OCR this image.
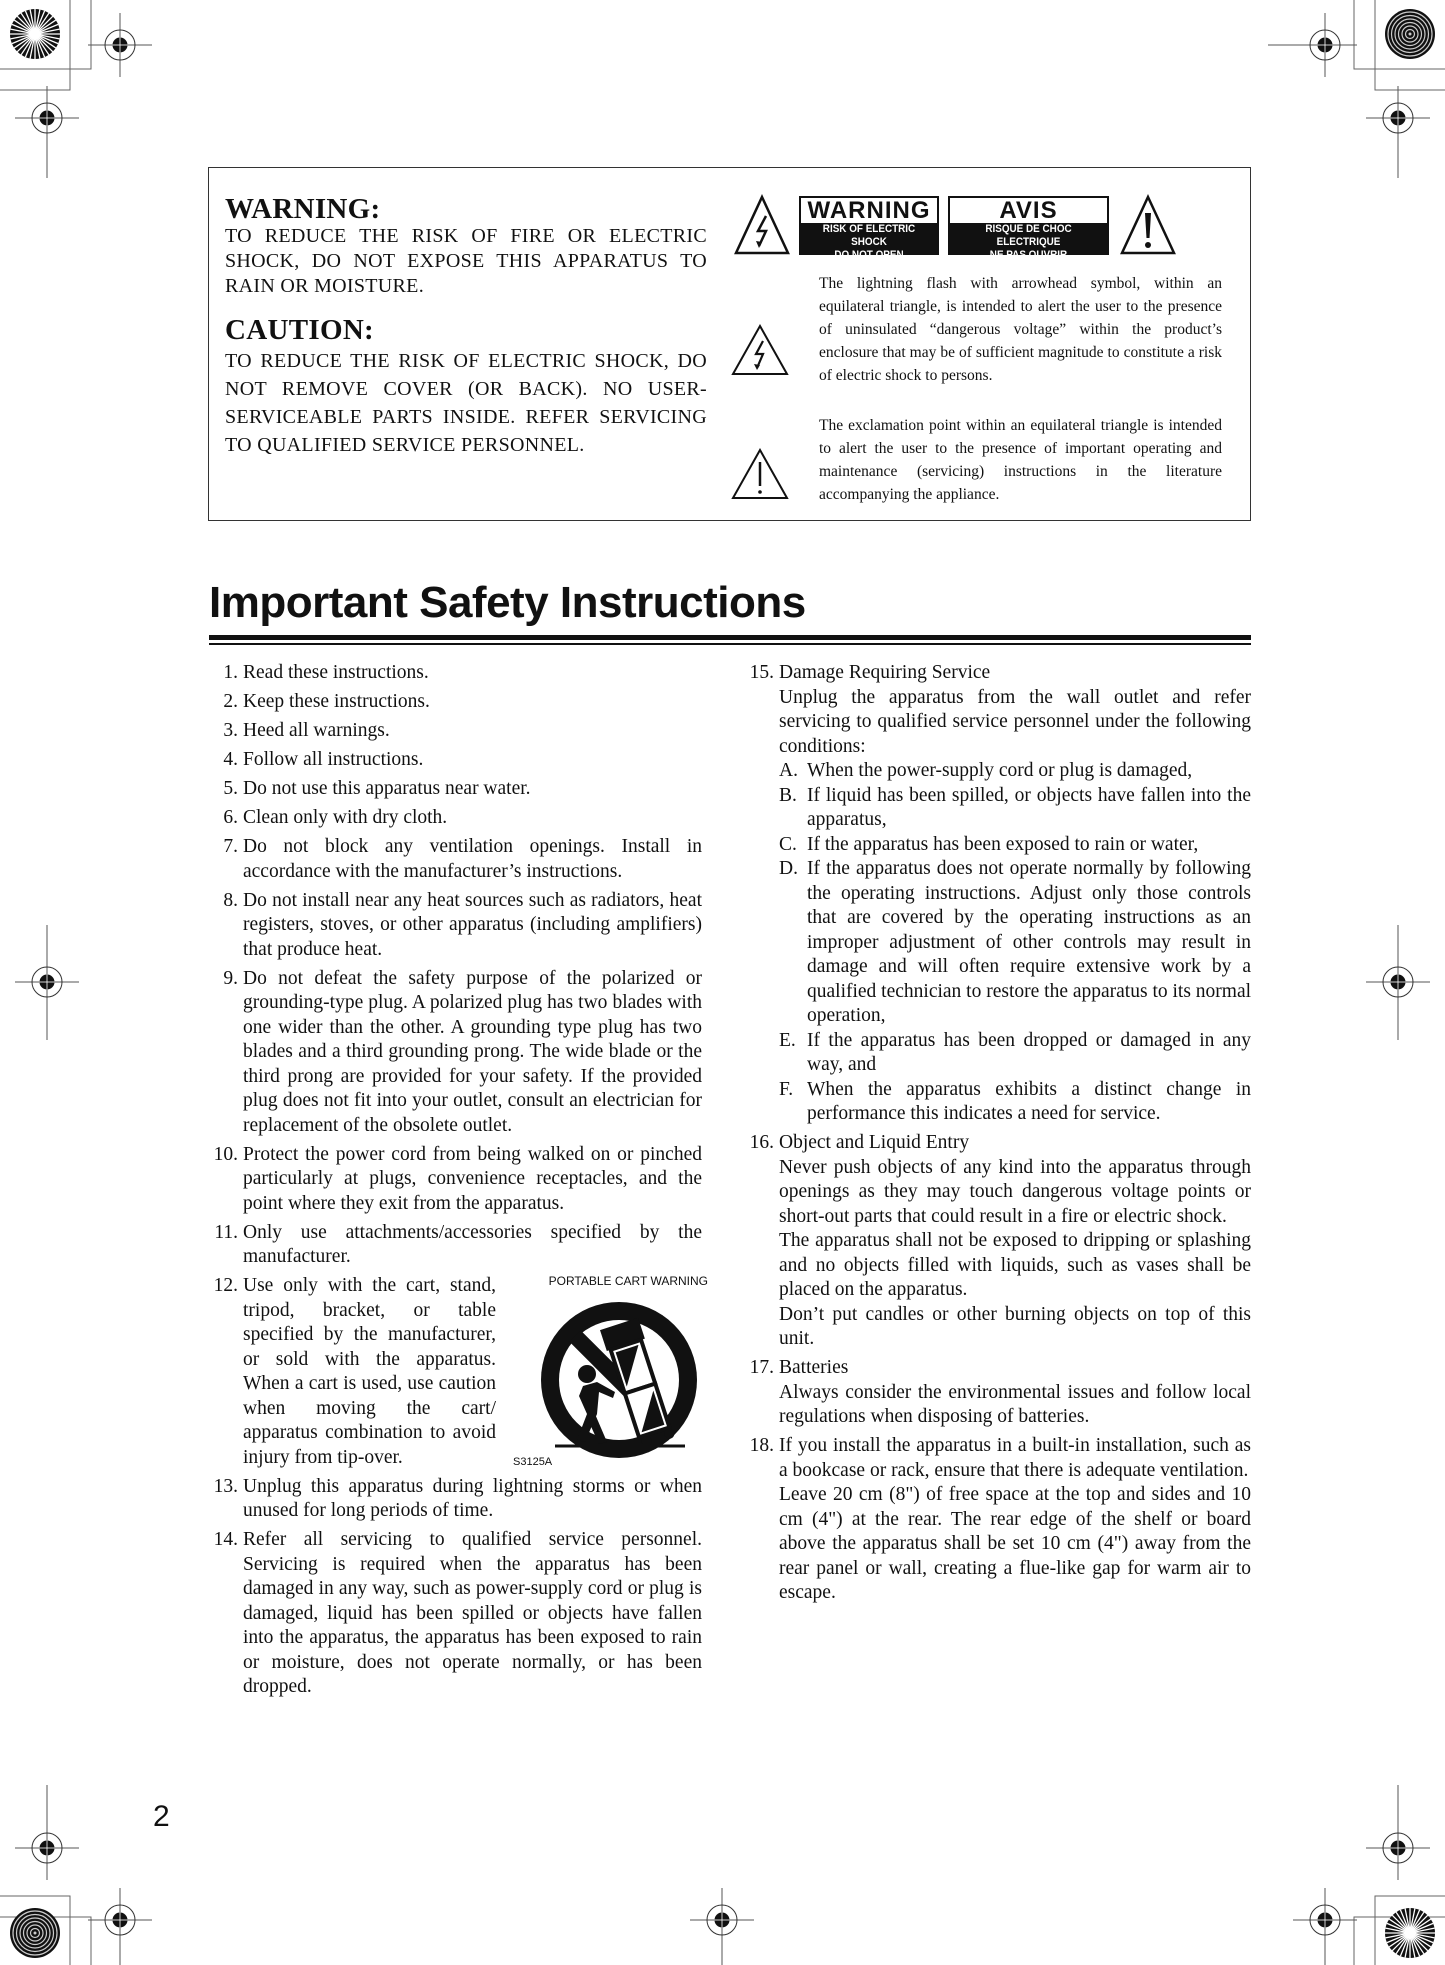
WARNING:
TO REDUCE THE RISK OF FIRE OR ELECTRIC SHOCK, DO NOT EXPOSE THIS APPARATUS TO RAIN OR MOISTURE.
CAUTION:
TO REDUCE THE RISK OF ELECTRIC SHOCK, DO NOT REMOVE COVER (OR BACK). NO USER-SERVICEABLE PARTS INSIDE. REFER SERVICING TO QUALIFIED SERVICE PERSONNEL.
WARNING
RISK OF ELECTRIC SHOCK
DO NOT OPEN
AVIS
RISQUE DE CHOC ELECTRIQUE
NE PAS OUVRIR
The lightning flash with arrowhead symbol, within an equilateral triangle, is intended to alert the user to the presence of uninsulated “dangerous voltage” within the product’s enclosure that may be of sufficient magnitude to constitute a risk of electric shock to persons.
The exclamation point within an equilateral triangle is intended to alert the user to the presence of important operating and maintenance (servicing) instructions in the literature accompanying the appliance.
Important Safety Instructions
1. Read these instructions.
2. Keep these instructions.
3. Heed all warnings.
4. Follow all instructions.
5. Do not use this apparatus near water.
6. Clean only with dry cloth.
7. Do not block any ventilation openings. Install in accordance with the manufacturer’s instructions.
8. Do not install near any heat sources such as radiators, heat registers, stoves, or other apparatus (including amplifiers) that produce heat.
9. Do not defeat the safety purpose of the polarized or grounding-type plug. A polarized plug has two blades with one wider than the other. A grounding type plug has two blades and a third grounding prong. The wide blade or the third prong are provided for your safety. If the provided plug does not fit into your outlet, consult an electrician for replacement of the obsolete outlet.
10. Protect the power cord from being walked on or pinched particularly at plugs, convenience receptacles, and the point where they exit from the apparatus.
11. Only use attachments/accessories specified by the manufacturer.
12. Use only with the cart, stand, tripod, bracket, or table specified by the manufacturer, or sold with the apparatus. When a cart is used, use caution when moving the cart/ apparatus combination to avoid injury from tip-over.
PORTABLE CART WARNING
S3125A
13. Unplug this apparatus during lightning storms or when unused for long periods of time.
14. Refer all servicing to qualified service personnel. Servicing is required when the apparatus has been damaged in any way, such as power-supply cord or plug is damaged, liquid has been spilled or objects have fallen into the apparatus, the apparatus has been exposed to rain or moisture, does not operate normally, or has been dropped.
15. Damage Requiring Service
Unplug the apparatus from the wall outlet and refer servicing to qualified service personnel under the following conditions:
A. When the power-supply cord or plug is damaged,
B. If liquid has been spilled, or objects have fallen into the apparatus,
C. If the apparatus has been exposed to rain or water,
D. If the apparatus does not operate normally by following the operating instructions. Adjust only those controls that are covered by the operating instructions as an improper adjustment of other controls may result in damage and will often require extensive work by a qualified technician to restore the apparatus to its normal operation,
E. If the apparatus has been dropped or damaged in any way, and
F. When the apparatus exhibits a distinct change in performance this indicates a need for service.
16. Object and Liquid Entry
Never push objects of any kind into the apparatus through openings as they may touch dangerous voltage points or short-out parts that could result in a fire or electric shock.
The apparatus shall not be exposed to dripping or splashing and no objects filled with liquids, such as vases shall be placed on the apparatus.
Don’t put candles or other burning objects on top of this unit.
17. Batteries
Always consider the environmental issues and follow local regulations when disposing of batteries.
18. If you install the apparatus in a built-in installation, such as a bookcase or rack, ensure that there is adequate ventilation.
Leave 20 cm (8") of free space at the top and sides and 10 cm (4") at the rear. The rear edge of the shelf or board above the apparatus shall be set 10 cm (4") away from the rear panel or wall, creating a flue-like gap for warm air to escape.
2
